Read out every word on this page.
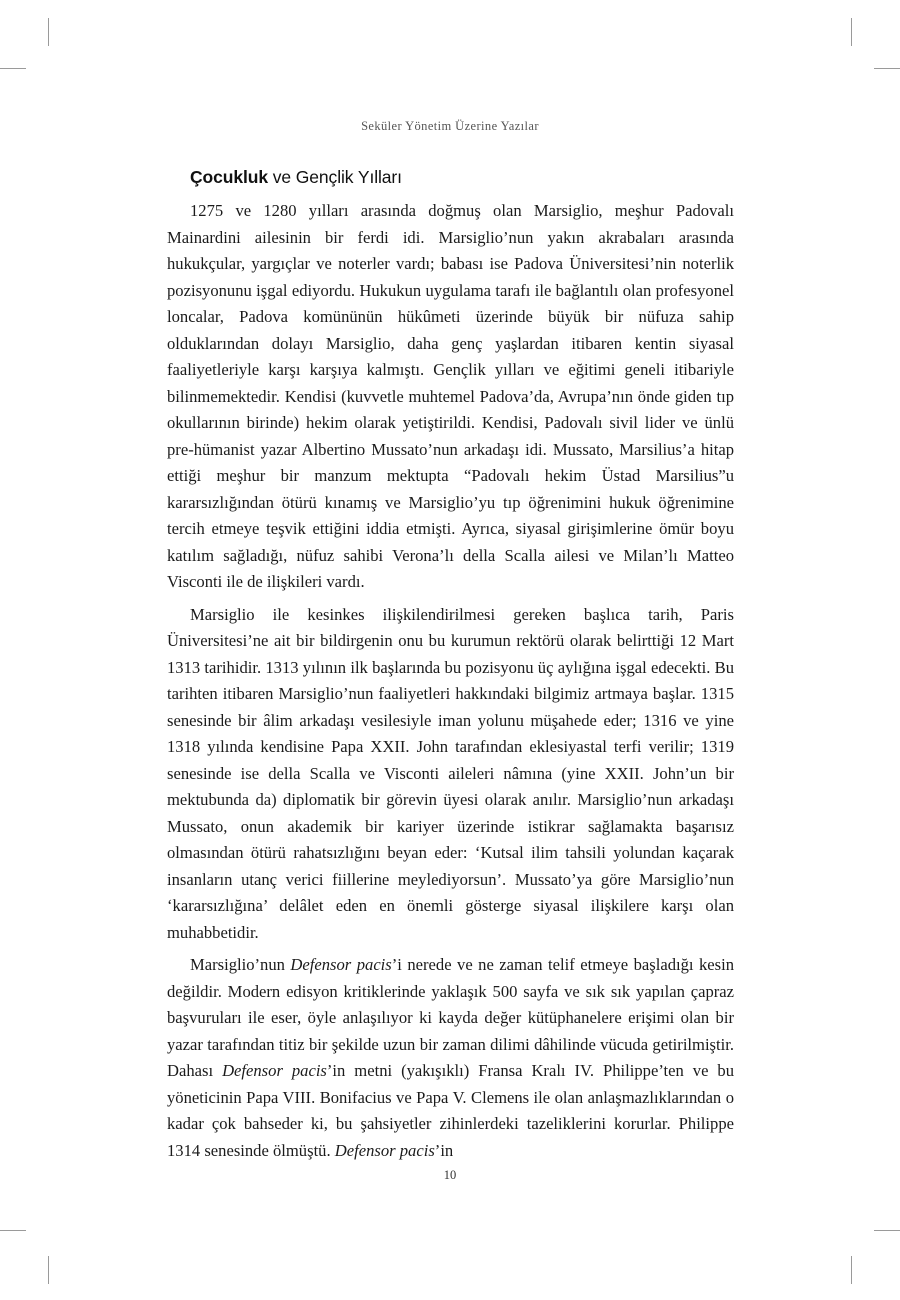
Seküler Yönetim Üzerine Yazılar
Çocukluk ve Gençlik Yılları

1275 ve 1280 yılları arasında doğmuş olan Marsiglio, meşhur Padovalı Mainardini ailesinin bir ferdi idi. Marsiglio’nun yakın akrabaları arasında hukukçular, yargıçlar ve noterler vardı; babası ise Padova Üniversitesi’nin noterlik pozisyonunu işgal ediyordu. Hukukun uygulama tarafı ile bağlantılı olan profesyonel loncalar, Padova komününün hükûmeti üzerinde büyük bir nüfuza sahip olduklarından dolayı Marsiglio, daha genç yaşlardan itibaren kentin siyasal faaliyetleriyle karşı karşıya kalmıştı. Gençlik yılları ve eğitimi geneli itibariyle bilinmemektedir. Kendisi (kuvvetle muhtemel Padova’da, Avrupa’nın önde giden tıp okullarının birinde) hekim olarak yetiştirildi. Kendisi, Padovalı sivil lider ve ünlü pre-hümanist yazar Albertino Mussato’nun arkadaşı idi. Mussato, Marsilius’a hitap ettiği meşhur bir manzum mektupta “Padovalı hekim Üstad Marsilius”u kararsızlığından ötürü kınamış ve Marsiglio’yu tıp öğrenimini hukuk öğrenimine tercih etmeye teşvik ettiğini iddia etmişti. Ayrıca, siyasal girişimlerine ömür boyu katılım sağladığı, nüfuz sahibi Verona’lı della Scalla ailesi ve Milan’lı Matteo Visconti ile de ilişkileri vardı.

Marsiglio ile kesinkes ilişkilendirilmesi gereken başlıca tarih, Paris Üniversitesi’ne ait bir bildirgenin onu bu kurumun rektörü olarak belirttiği 12 Mart 1313 tarihidir. 1313 yılının ilk başlarında bu pozisyonu üç aylığına işgal edecekti. Bu tarihten itibaren Marsiglio’nun faaliyetleri hakkındaki bilgimiz artmaya başlar. 1315 senesinde bir âlim arkadaşı vesilesiyle iman yolunu müşahede eder; 1316 ve yine 1318 yılında kendisine Papa XXII. John tarafından eklesiyastal terfi verilir; 1319 senesinde ise della Scalla ve Visconti aileleri nâmına (yine XXII. John’un bir mektubunda da) diplomatik bir görevin üyesi olarak anılır. Marsiglio’nun arkadaşı Mussato, onun akademik bir kariyer üzerinde istikrar sağlamakta başarısız olmasından ötürü rahatsızlığını beyan eder: ‘Kutsal ilim tahsili yolundan kaçarak insanların utanç verici fiillerine meylediyorsun’. Mussato’ya göre Marsiglio’nun ‘kararsızlığına’ delâlet eden en önemli gösterge siyasal ilişkilere karşı olan muhabbetidir.

Marsiglio’nun Defensor pacis’i nerede ve ne zaman telif etmeye başladığı kesin değildir. Modern edisyon kritiklerinde yaklaşık 500 sayfa ve sık sık yapılan çapraz başvuruları ile eser, öyle anlaşılıyor ki kayda değer kütüphanelere erişimi olan bir yazar tarafından titiz bir şekilde uzun bir zaman dilimi dâhilinde vücuda getirilmiştir. Dahası Defensor pacis’in metni (yakışıklı) Fransa Kralı IV. Philippe’ten ve bu yöneticinin Papa VIII. Bonifacius ve Papa V. Clemens ile olan anlaşmazlıklarından o kadar çok bahseder ki, bu şahsiyetler zihinlerdeki tazeliklerini korurlar. Philippe 1314 senesinde ölmüştü. Defensor pacis’in

10
